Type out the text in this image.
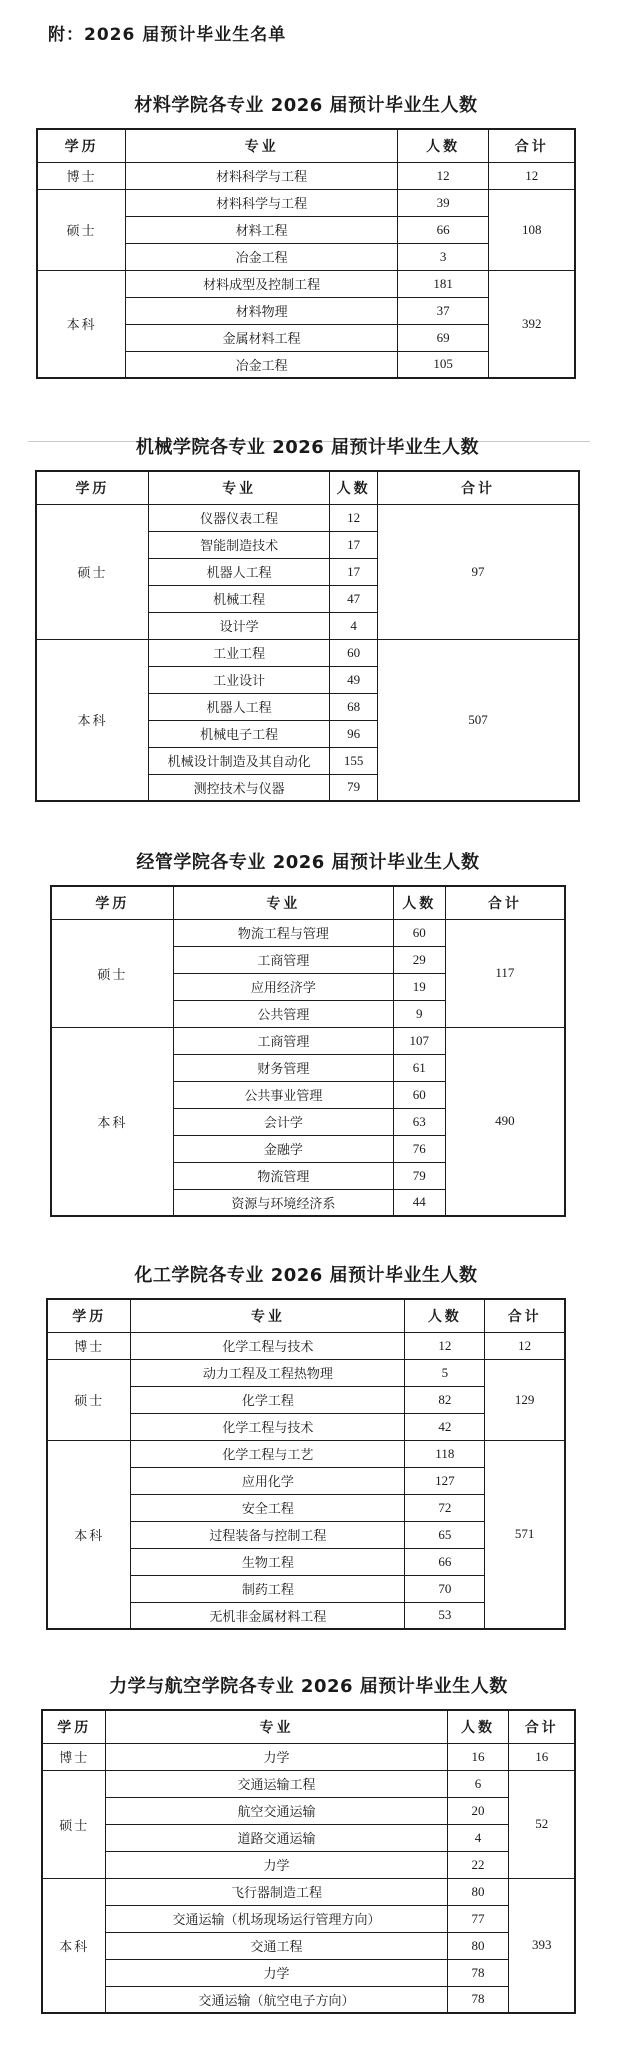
附：2026 届预计毕业生名单
材料学院各专业 2026 届预计毕业生人数
学历	专业	人数	合计
博士	材料科学与工程	12	12
硕士	材料科学与工程	39	108
	材料工程	66	
	冶金工程	3	
本科	材料成型及控制工程	181	392
	材料物理	37	
	金属材料工程	69	
	冶金工程	105	
机械学院各专业 2026 届预计毕业生人数
学历	专业	人数	合计
硕士	仪器仪表工程	12	97
	智能制造技术	17	
	机器人工程	17	
	机械工程	47	
	设计学	4	
本科	工业工程	60	507
	工业设计	49	
	机器人工程	68	
	机械电子工程	96	
	机械设计制造及其自动化	155	
	测控技术与仪器	79	
经管学院各专业 2026 届预计毕业生人数
学历	专业	人数	合计
硕士	物流工程与管理	60	117
	工商管理	29	
	应用经济学	19	
	公共管理	9	
本科	工商管理	107	490
	财务管理	61	
	公共事业管理	60	
	会计学	63	
	金融学	76	
	物流管理	79	
	资源与环境经济系	44	
化工学院各专业 2026 届预计毕业生人数
学历	专业	人数	合计
博士	化学工程与技术	12	12
硕士	动力工程及工程热物理	5	129
	化学工程	82	
	化学工程与技术	42	
本科	化学工程与工艺	118	571
	应用化学	127	
	安全工程	72	
	过程装备与控制工程	65	
	生物工程	66	
	制药工程	70	
	无机非金属材料工程	53	
力学与航空学院各专业 2026 届预计毕业生人数
学历	专业	人数	合计
博士	力学	16	16
硕士	交通运输工程	6	52
	航空交通运输	20	
	道路交通运输	4	
	力学	22	
本科	飞行器制造工程	80	393
	交通运输（机场现场运行管理方向）	77	
	交通工程	80	
	力学	78	
	交通运输（航空电子方向）	78	
